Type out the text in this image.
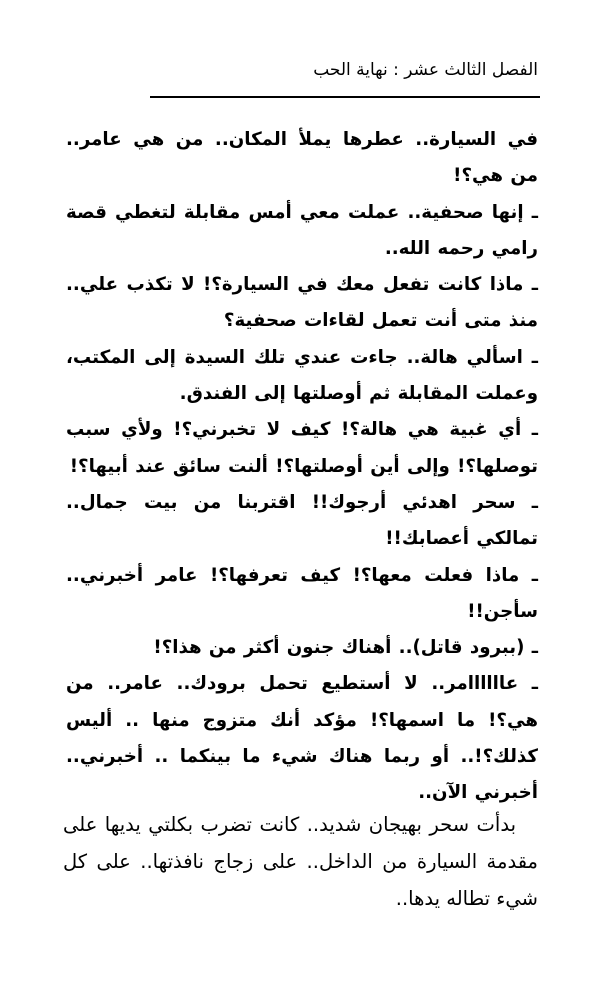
الفصل الثالث عشر : نهاية الحب

في السيارة.. عطرها يملأ المكان.. من هي عامر.. من هي؟!

ـ إنها صحفية.. عملت معي أمس مقابلة لتغطي قصة رامي رحمه الله..

ـ ماذا كانت تفعل معك في السيارة؟! لا تكذب علي.. منذ متى أنت تعمل لقاءات صحفية؟

ـ اسألي هالة.. جاءت عندي تلك السيدة إلى المكتب، وعملت المقابلة ثم أوصلتها إلى الفندق.

ـ أي غبية هي هالة؟! كيف لا تخبرني؟! ولأي سبب توصلها؟! وإلى أين أوصلتها؟! ألنت سائق عند أبيها؟!

ـ سحر اهدئي أرجوك!! اقتربنا من بيت جمال.. تمالكي أعصابك!!

ـ ماذا فعلت معها؟! كيف تعرفها؟! عامر أخبرني.. سأجن!!

ـ (ببرود قاتل).. أهناك جنون أكثر من هذا؟!

ـ عاااااامر.. لا أستطيع تحمل برودك.. عامر.. من هي؟! ما اسمها؟! مؤكد أنك متزوج منها .. أليس كذلك؟!.. أو ربما هناك شيء ما بينكما .. أخبرني.. أخبرني الآن..

بدأت سحر بهيجان شديد.. كانت تضرب بكلتي يديها على مقدمة السيارة من الداخل.. على زجاج نافذتها.. على كل شيء تطاله يدها..
